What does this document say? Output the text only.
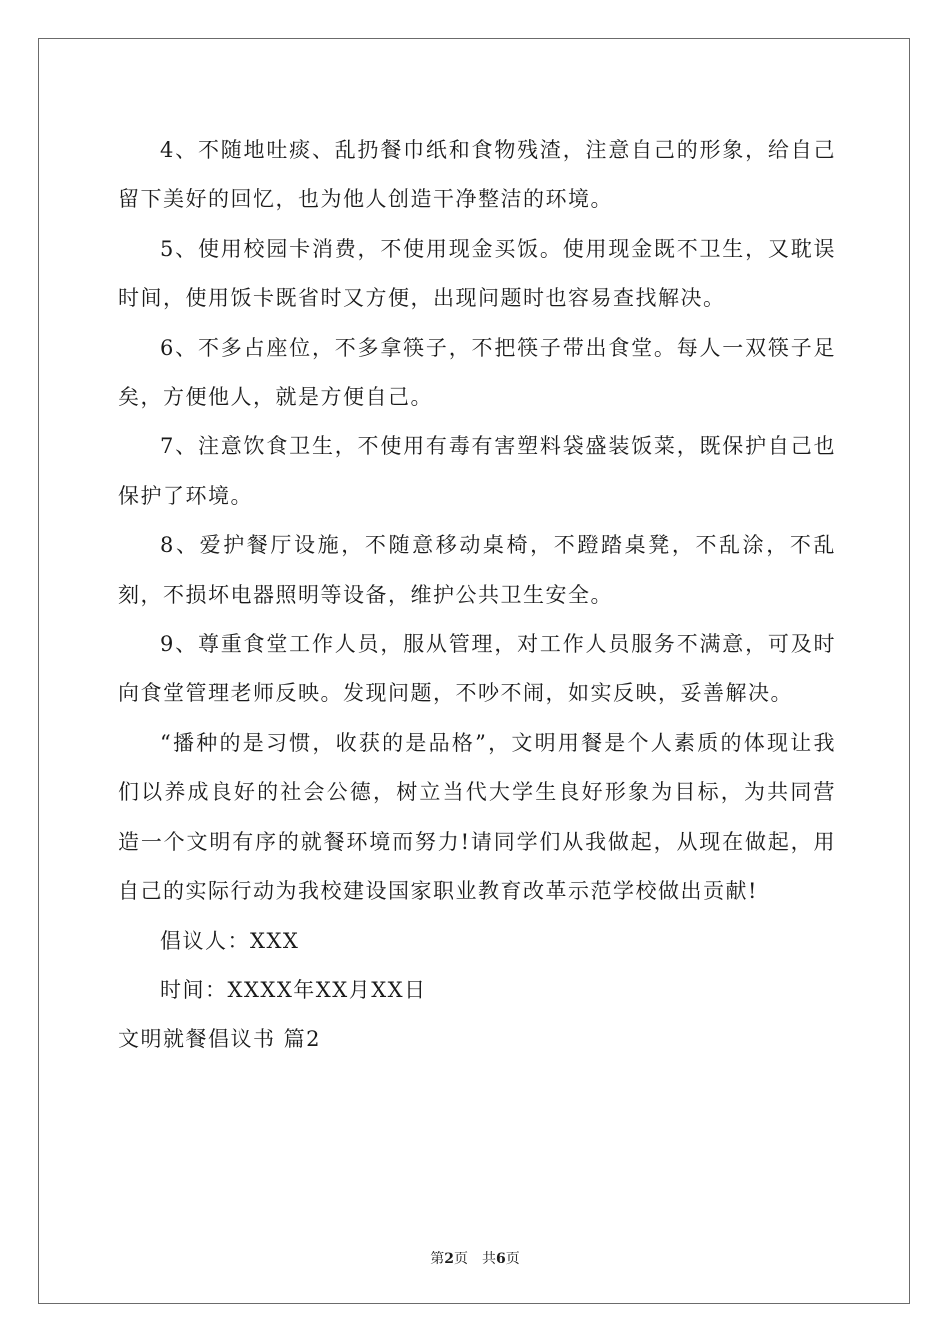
4、不随地吐痰、乱扔餐巾纸和食物残渣，注意自己的形象，给自己留下美好的回忆，也为他人创造干净整洁的环境。

5、使用校园卡消费，不使用现金买饭。使用现金既不卫生，又耽误时间，使用饭卡既省时又方便，出现问题时也容易查找解决。

6、不多占座位，不多拿筷子，不把筷子带出食堂。每人一双筷子足矣，方便他人，就是方便自己。

7、注意饮食卫生，不使用有毒有害塑料袋盛装饭菜，既保护自己也保护了环境。

8、爱护餐厅设施，不随意移动桌椅，不蹬踏桌凳，不乱涂，不乱刻，不损坏电器照明等设备，维护公共卫生安全。

9、尊重食堂工作人员，服从管理，对工作人员服务不满意，可及时向食堂管理老师反映。发现问题，不吵不闹，如实反映，妥善解决。

“播种的是习惯，收获的是品格”，文明用餐是个人素质的体现让我们以养成良好的社会公德，树立当代大学生良好形象为目标，为共同营造一个文明有序的就餐环境而努力!请同学们从我做起，从现在做起，用自己的实际行动为我校建设国家职业教育改革示范学校做出贡献!

倡议人：XXX

时间：XXXX年XX月XX日

文明就餐倡议书 篇2

第2页　共6页
